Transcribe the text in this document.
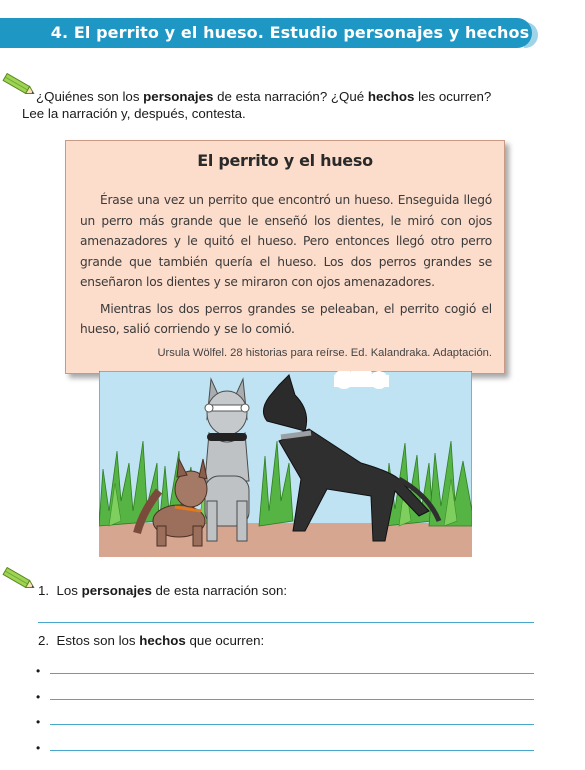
4. El perrito y el hueso. Estudio personajes y hechos
¿Quiénes son los personajes de esta narración? ¿Qué hechos les ocurren?
Lee la narración y, después, contesta.
El perrito y el hueso

Érase una vez un perrito que encontró un hueso. Enseguida llegó un perro más grande que le enseñó los dientes, le miró con ojos amenazadores y le quitó el hueso. Pero entonces llegó otro perro grande que también quería el hueso. Los dos perros grandes se enseñaron los dientes y se miraron con ojos amenazadores.

Mientras los dos perros grandes se peleaban, el perrito cogió el hueso, salió corriendo y se lo comió.

Ursula Wölfel. 28 historias para reírse. Ed. Kalandraka. Adaptación.
1. Los personajes de esta narración son:
2. Estos son los hechos que ocurren:
•
•
•
•
